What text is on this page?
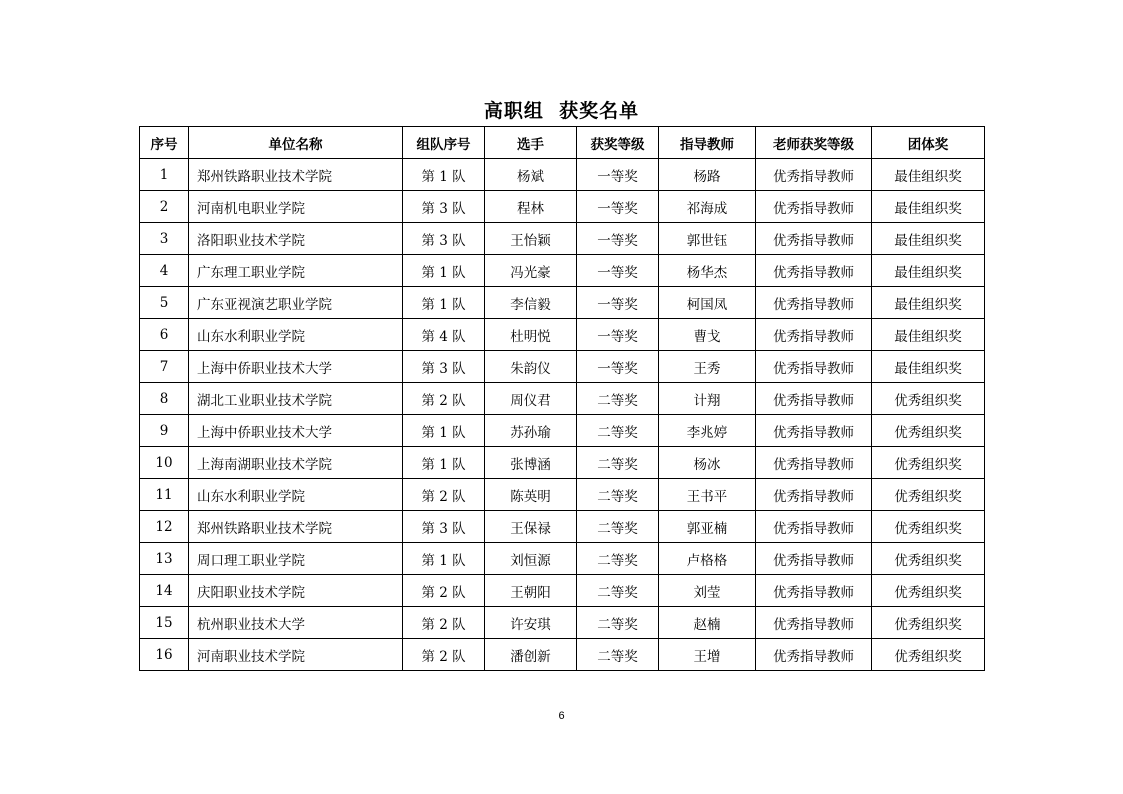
高职组  获奖名单
序号	单位名称	组队序号	选手	获奖等级	指导教师	老师获奖等级	团体奖
1	郑州铁路职业技术学院	第 1 队	杨斌	一等奖	杨路	优秀指导教师	最佳组织奖
2	河南机电职业学院	第 3 队	程林	一等奖	祁海成	优秀指导教师	最佳组织奖
3	洛阳职业技术学院	第 3 队	王怡颖	一等奖	郭世钰	优秀指导教师	最佳组织奖
4	广东理工职业学院	第 1 队	冯光豪	一等奖	杨华杰	优秀指导教师	最佳组织奖
5	广东亚视演艺职业学院	第 1 队	李信毅	一等奖	柯国凤	优秀指导教师	最佳组织奖
6	山东水利职业学院	第 4 队	杜明悦	一等奖	曹戈	优秀指导教师	最佳组织奖
7	上海中侨职业技术大学	第 3 队	朱韵仪	一等奖	王秀	优秀指导教师	最佳组织奖
8	湖北工业职业技术学院	第 2 队	周仪君	二等奖	计翔	优秀指导教师	优秀组织奖
9	上海中侨职业技术大学	第 1 队	苏孙瑜	二等奖	李兆婷	优秀指导教师	优秀组织奖
10	上海南湖职业技术学院	第 1 队	张博涵	二等奖	杨冰	优秀指导教师	优秀组织奖
11	山东水利职业学院	第 2 队	陈英明	二等奖	王书平	优秀指导教师	优秀组织奖
12	郑州铁路职业技术学院	第 3 队	王保禄	二等奖	郭亚楠	优秀指导教师	优秀组织奖
13	周口理工职业学院	第 1 队	刘恒源	二等奖	卢格格	优秀指导教师	优秀组织奖
14	庆阳职业技术学院	第 2 队	王朝阳	二等奖	刘莹	优秀指导教师	优秀组织奖
15	杭州职业技术大学	第 2 队	许安琪	二等奖	赵楠	优秀指导教师	优秀组织奖
16	河南职业技术学院	第 2 队	潘创新	二等奖	王增	优秀指导教师	优秀组织奖
6
